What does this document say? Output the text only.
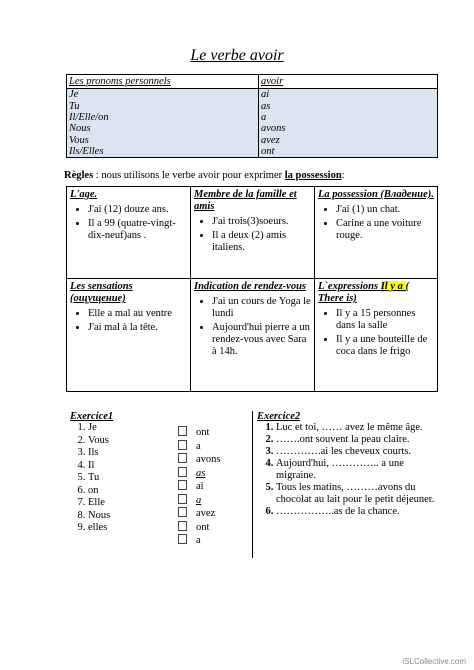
Le verbe avoir
Les pronoms personnels	avoir
Je	ai
Tu	as
Il/Elle/on	a
Nous	avons
Vous	avez
Ils/Elles	ont
Règles : nous utilisons le verbe avoir pour exprimer la possession:
L'age.
• J'ai (12) douze ans.
• Il a 99 (quatre-vingt-dix-neuf)ans .
Membre de la famille et amis
• J'ai trois(3)soeurs.
• Il a deux (2) amis italiens.
La possession (Владение).
• J'ai (1) un chat.
• Carine a une voiture rouge.
Les sensations (ощущение)
• Elle a mal au ventre
• J'ai mal à la tête.
Indication de rendez-vous
• J'ai un cours de Yoga le lundi
• Aujourd'hui pierre a un rendez-vous avec Sara à 14h.
L`expressions Il y a ( There is)
• Il y a 15 personnes dans la salle
• Il y a une bouteille de coca dans le frigo
Exercice1
1. Je
2. Vous
3. Ils
4. Il
5. Tu
6. on
7. Elle
8. Nous
9. elles
ont
a
avons
as
ai
a
avez
ont
a
Exercice2
1. Luc et toi, …… avez le même âge.
2. …….ont souvent la peau claire.
3. ………….ai les cheveux courts.
4. Aujourd'hui, ………….. a une migraine.
5. Tous les matins, ………avons du chocolat au lait pour le petit déjeuner.
6. ……………..as de la chance.
iSLCollective.com
